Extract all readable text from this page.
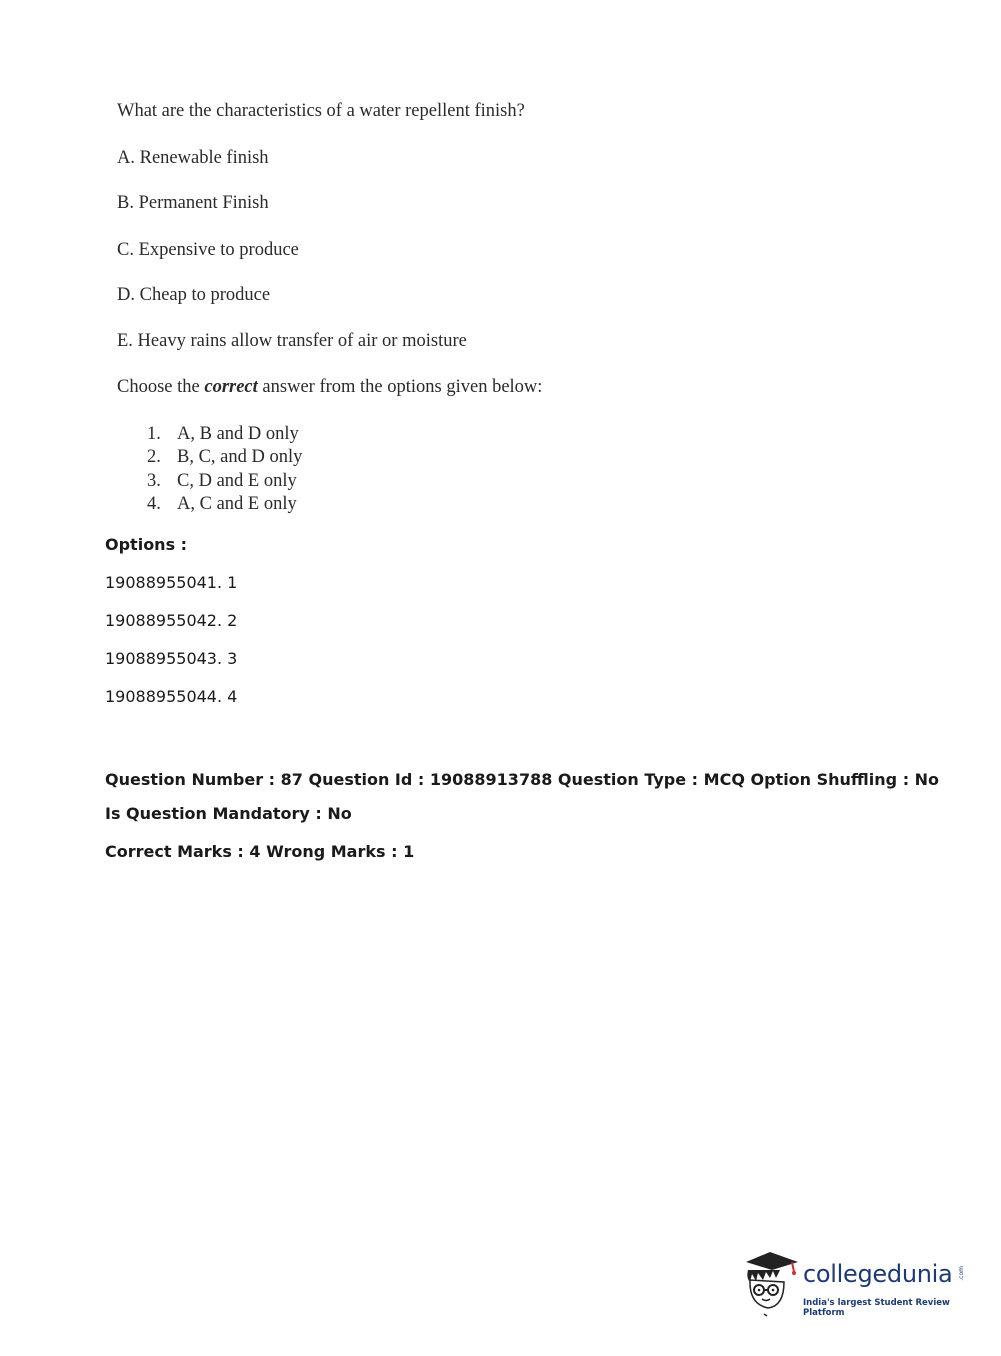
What are the characteristics of a water repellent finish?
A. Renewable finish
B. Permanent Finish
C. Expensive to produce
D. Cheap to produce
E. Heavy rains allow transfer of air or moisture
Choose the correct answer from the options given below:
1. A, B and D only
2. B, C, and D only
3. C, D and E only
4. A, C and E only
Options :
19088955041. 1
19088955042. 2
19088955043. 3
19088955044. 4
Question Number : 87 Question Id : 19088913788 Question Type : MCQ Option Shuffling : No
Is Question Mandatory : No
Correct Marks : 4 Wrong Marks : 1
collegedunia .com
India's largest Student Review Platform
